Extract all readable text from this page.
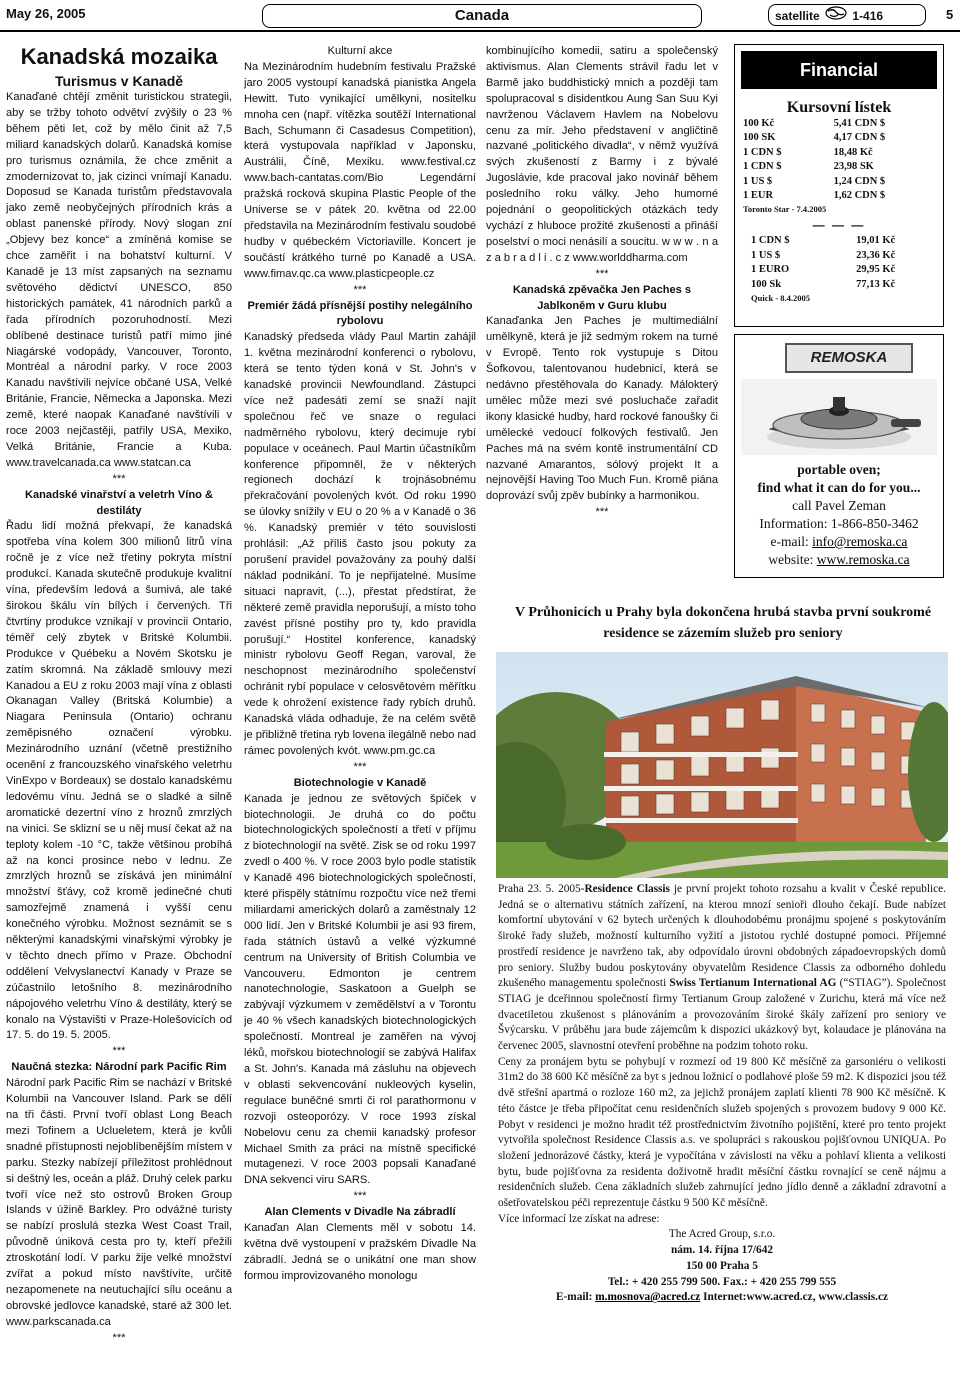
May 26, 2005	Canada	satellite	1-416	5
Kanadská mozaika
Turismus v Kanadě

Kanaďané chtějí změnit turistickou strategii, aby se tržby tohoto odvětví zvýšily o 23 % během pěti let, což by mělo činit až 7,5 miliard kanadských dolarů. Kanadská komise pro turismus oznámila, že chce změnit a zmodernizovat to, jak cizinci vnímají Kanadu. Doposud se Kanada turistům představovala jako země neobyčejných přírodních krás a oblast panenské přírody. Nový slogan zní „Objevy bez konce“ a zmíněná komise se chce zaměřit i na bohatství kulturní. V Kanadě je 13 míst zapsaných na seznamu světového dědictví UNESCO, 850 historických památek, 41 národních parků a řada přírodních pozoruhodností. Mezi oblíbené destinace turistů patří mimo jiné Niagárské vodopády, Vancouver, Toronto, Montréal a národní parky. V roce 2003 Kanadu navštívili nejvíce občané USA, Velké Británie, Francie, Německa a Japonska. Mezi země, které naopak Kanaďané navštívili v roce 2003 nejčastěji, patřily USA, Mexiko, Velká Británie, Francie a Kuba. www.travelcanada.ca www.statcan.ca

***

Kanadské vinařství a veletrh Víno & destiláty

Řadu lidí možná překvapí, že kanadská spotřeba vína kolem 300 milionů litrů vína ročně je z více než třetiny pokryta místní produkcí. Kanada skutečně produkuje kvalitní vína, především ledová a šumivá, ale také širokou škálu vín bílých i červených. Tři čtvrtiny produkce vznikají v provincii Ontario, téměř celý zbytek v Britské Kolumbii. Produkce v Québeku a Novém Skotsku je zatím skromná. Na základě smlouvy mezi Kanadou a EU z roku 2003 mají vína z oblasti Okanagan Valley (Britská Kolumbie) a Niagara Peninsula (Ontario) ochranu zeměpisného označení výrobku. Mezinárodního uznání (včetně prestižního ocenění z francouzského vinařského veletrhu VinExpo v Bordeaux) se dostalo kanadskému ledovému vínu. Jedná se o sladké a silně aromatické dezertní víno z hroznů zmrzlých na vinici. Se sklizní se u něj musí čekat až na teploty kolem -10 °C, takže většinou probíhá až na konci prosince nebo v lednu. Ze zmrzlých hroznů se získává jen minimální množství šťávy, což kromě jedinečné chuti samozřejmě znamená i vyšší cenu konečného výrobku. Možnost seznámit se s některými kanadskými vinařskými výrobky je v těchto dnech přímo v Praze. Obchodní oddělení Velvyslanectví Kanady v Praze se zúčastnilo letošního 8. mezinárodního nápojového veletrhu Víno & destiláty, který se konalo na Výstavišti v Praze-Holešovicích od 17. 5. do 19. 5. 2005.

***

Naučná stezka: Národní park Pacific Rim

Národní park Pacific Rim se nachází v Britské Kolumbii na Vancouver Island. Park se dělí na tři části. První tvoří oblast Long Beach mezi Tofinem a Uclueletem, která je kvůli snadné přístupnosti nejoblíbenějším místem v parku. Stezky nabízejí příležitost prohlédnout si deštný les, oceán a pláž. Druhý celek parku tvoří více než sto ostrovů Broken Group Islands v úžině Barkley. Pro odvážné turisty se nabízí proslulá stezka West Coast Trail, původně úniková cesta pro ty, kteří přežili ztroskotání lodí. V parku žije velké množství zvířat a pokud místo navštívíte, určitě nezapomenete na neutuchající sílu oceánu a obrovské jedlovce kanadské, staré až 300 let. www.parkscanada.ca

***

Kulturní akce

Na Mezinárodním hudebním festivalu Pražské jaro 2005 vystoupí kanadská pianistka Angela Hewitt. Tuto vynikající umělkyni, nositelku mnoha cen (např. vítězka soutěží International Bach, Schumann či Casadesus Competition), která vystupovala například v Japonsku, Austrálii, Číně, Mexiku. www.festival.cz www.bach-cantatas.com/Bio Legendární pražská rocková skupina Plastic People of the Universe se v pátek 20. května od 22.00 představila na Mezinárodním festivalu soudobé hudby v québeckém Victoriaville. Koncert je součástí krátkého turné po Kanadě a USA. www.fimav.qc.ca www.plasticpeople.cz

***

Premiér žádá přísnější postihy nelegálního rybolovu

Kanadský předseda vlády Paul Martin zahájil 1. května mezinárodní konferenci o rybolovu, která se tento týden koná v St. John's v kanadské provincii Newfoundland. Zástupci více než padesáti zemí se snaží najít společnou řeč ve snaze o regulaci nadměrného rybolovu, který decimuje rybí populace v oceánech. Paul Martin účastníkům konference připomněl, že v některých regionech dochází k trojnásobnému překračování povolených kvót. Od roku 1990 se úlovky snížily v EU o 20 % a v Kanadě o 36 %. Kanadský premiér v této souvislosti prohlásil: „Až příliš často jsou pokuty za porušení pravidel považovány za pouhý další náklad podnikání. To je nepřijatelné. Musíme situaci napravit, (...), přestat předstírat, že některé země pravidla neporušují, a místo toho zavést přísné postihy pro ty, kdo pravidla porušují.“ Hostitel konference, kanadský ministr rybolovu Geoff Regan, varoval, že neschopnost mezinárodního společenství ochránit rybí populace v celosvětovém měřítku vede k ohrožení existence řady rybích druhů. Kanadská vláda odhaduje, že na celém světě je přibližně třetina ryb lovena ilegálně nebo nad rámec povolených kvót. www.pm.gc.ca

***

Biotechnologie v Kanadě

Kanada je jednou ze světových špiček v biotechnologii. Je druhá co do počtu biotechnologických společností a třetí v příjmu z biotechnologií na světě. Zisk se od roku 1997 zvedl o 400 %. V roce 2003 bylo podle statistik v Kanadě 496 biotechnologických společností, které přispěly státnímu rozpočtu více než třemi miliardami amerických dolarů a zaměstnaly 12 000 lidí. Jen v Britské Kolumbii je asi 93 firem, řada státních ústavů a velké výzkumné centrum na University of British Columbia ve Vancouveru. Edmonton je centrem nanotechnologie, Saskatoon a Guelph se zabývají výzkumem v zemědělství a v Torontu je 40 % všech kanadských biotechnologických společností. Montreal je zaměřen na vývoj léků, mořskou biotechnologií se zabývá Halifax a St. John's. Kanada má zásluhu na objevech v oblasti sekvencování nukleových kyselin, regulace buněčné smrti či rol parathormonu v rozvoji osteoporózy. V roce 1993 získal Nobelovu cenu za chemii kanadský profesor Michael Smith za práci na místně specifické mutagenezi. V roce 2003 popsali Kanaďané DNA sekvenci viru SARS.

***

Alan Clements v Divadle Na zábradlí

Kanaďan Alan Clements měl v sobotu 14. května dvě vystoupení v pražském Divadle Na zábradlí. Jedná se o unikátní one man show formou improvizovaného monologu

kombinujícího komedii, satiru a společenský aktivismus. Alan Clements strávil řadu let v Barmě jako buddhistický mnich a později tam spolupracoval s disidentkou Aung San Suu Kyi navrženou Václavem Havlem na Nobelovu cenu za mír. Jeho představení v angličtině nazvané „politického divadla“, v němž využívá svých zkušeností z Barmy i z bývalé Jugoslávie, kde pracoval jako novinář během posledního roku války. Jeho humorné pojednání o geopolitických otázkách tedy vychází z hluboce prožité zkušenosti a přináší poselství o moci nenásilí a soucitu. w w w . n a z a b r a d l i . c z www.worlddharma.com

***

Kanadská zpěvačka Jen Paches s Jablkoněm v Guru klubu

Kanaďanka Jen Paches je multimediální umělkyně, která je již sedmým rokem na turné v Evropě. Tento rok vystupuje s Ditou Šofkovou, talentovanou hudebnicí, která se nedávno přestěhovala do Kanady. Málokterý umělec může mezi své posluchače zařadit ikony klasické hudby, hard rockové fanoušky či umělecké vedoucí folkových festivalů. Jen Paches má na svém kontě instrumentální CD nazvané Amarantos, sólový projekt It a nejnovější Having Too Much Fun. Kromě piána doprovází svůj zpěv bubínky a harmonikou.

***

Financial
Kursovní lístek
100 Kč	5,41 CDN $
100 SK	4,17 CDN $
1 CDN $	18,48 Kč
1 CDN $	23,98 SK
1 US $	1,24 CDN $
1 EUR	1,62 CDN $
Toronto Star - 7.4.2005
— — —
1 CDN $	19,01 Kč
1 US $	23,36 Kč
1 EURO	29,95 Kč
100 Sk	77,13 Kč
Quick - 8.4.2005
REMOSKA
portable oven;
find what it can do for you...
call Pavel Zeman
Information: 1-866-850-3462
e-mail: info@remoska.ca
website: www.remoska.ca
V Průhonicích u Prahy byla dokončena hrubá stavba první soukromé residence se zázemím služeb pro seniory

Praha 23. 5. 2005-Residence Classis je první projekt tohoto rozsahu a kvalit v České republice. Jedná se o alternativu státních zařízení, na kterou mnozí senioři dlouho čekají. Bude nabízet komfortní ubytování v 62 bytech určených k dlouhodobému pronájmu spojené s poskytováním široké řady služeb, možností kulturního vyžití a jistotou rychlé dostupné pomoci. Příjemné prostředí residence je navrženo tak, aby odpovídalo úrovni obdobných západoevropských domů pro seniory. Služby budou poskytovány obyvatelům Residence Classis za odborného dohledu zkušeného managementu společnosti Swiss Tertianum International AG (“STIAG”). Společnost STIAG je dceřinnou společností firmy Tertianum Group založené v Zurichu, která má více než dvacetiletou zkušenost s plánováním a provozováním široké škály zařízení pro seniory ve Švýcarsku. V průběhu jara bude zájemcům k dispozici ukázkový byt, kolaudace je plánována na červenec 2005, slavnostní otevření proběhne na podzim tohoto roku.

Ceny za pronájem bytu se pohybují v rozmezí od 19 800 Kč měsíčně za garsoniéru o velikosti 31m2 do 38 600 Kč měsíčně za byt s jednou ložnicí o podlahové ploše 59 m2. K dispozici jsou též dvě střešní apartmá o rozloze 160 m2, za jejichž pronájem zaplatí klienti 78 900 Kč měsíčně. K této částce je třeba připočítat cenu residenčních služeb spojených s provozem budovy 9 000 Kč. Pobyt v residenci je možno hradit též prostřednictvím životního pojištění, které pro tento projekt vytvořila společnost Residence Classis a.s. ve spolupráci s rakouskou pojišťovnou UNIQUA. Po složení jednorázové částky, která je vypočítána v závislosti na věku a pohlaví klienta a velikosti bytu, bude pojišťovna za residenta doživotně hradit měsíční částku rovnající se ceně nájmu a residenčních služeb. Cena základních služeb zahrnující jedno jídlo denně a základní zdravotní a ošetřovatelskou péči reprezentuje částku 9 500 Kč měsíčně.

Více informací lze získat na adrese:

The Acred Group, s.r.o.

nám. 14. října 17/642

150 00 Praha 5

Tel.: + 420 255 799 500. Fax.: + 420 255 799 555

E-mail: m.mosnova@acred.cz Internet:www.acred.cz, www.classis.cz
